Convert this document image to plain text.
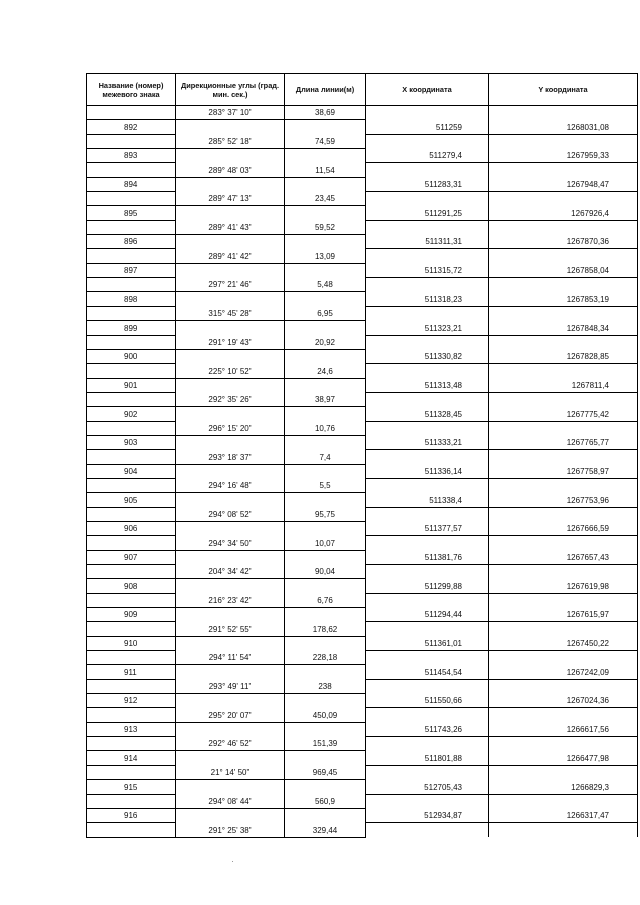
Название (номер) межевого знака	Дирекционные углы (град. мин. сек.)	Длина линии(м)	X координата	Y координата
	283° 37' 10"	38,69		
892			511259	1268031,08
	285° 52' 18"	74,59		
893			511279,4	1267959,33
	289° 48' 03"	11,54		
894			511283,31	1267948,47
	289° 47' 13"	23,45		
895			511291,25	1267926,4
	289° 41' 43"	59,52		
896			511311,31	1267870,36
	289° 41' 42"	13,09		
897			511315,72	1267858,04
	297° 21' 46"	5,48		
898			511318,23	1267853,19
	315° 45' 28"	6,95		
899			511323,21	1267848,34
	291° 19' 43"	20,92		
900			511330,82	1267828,85
	225° 10' 52"	24,6		
901			511313,48	1267811,4
	292° 35' 26"	38,97		
902			511328,45	1267775,42
	296° 15' 20"	10,76		
903			511333,21	1267765,77
	293° 18' 37"	7,4		
904			511336,14	1267758,97
	294° 16' 48"	5,5		
905			511338,4	1267753,96
	294° 08' 52"	95,75		
906			511377,57	1267666,59
	294° 34' 50"	10,07		
907			511381,76	1267657,43
	204° 34' 42"	90,04		
908			511299,88	1267619,98
	216° 23' 42"	6,76		
909			511294,44	1267615,97
	291° 52' 55"	178,62		
910			511361,01	1267450,22
	294° 11' 54"	228,18		
911			511454,54	1267242,09
	293° 49' 11"	238		
912			511550,66	1267024,36
	295° 20' 07"	450,09		
913			511743,26	1266617,56
	292° 46' 52"	151,39		
914			511801,88	1266477,98
	21° 14' 50"	969,45		
915			512705,43	1266829,3
	294° 08' 44"	560,9		
916			512934,87	1266317,47
	291° 25' 38"	329,44		
